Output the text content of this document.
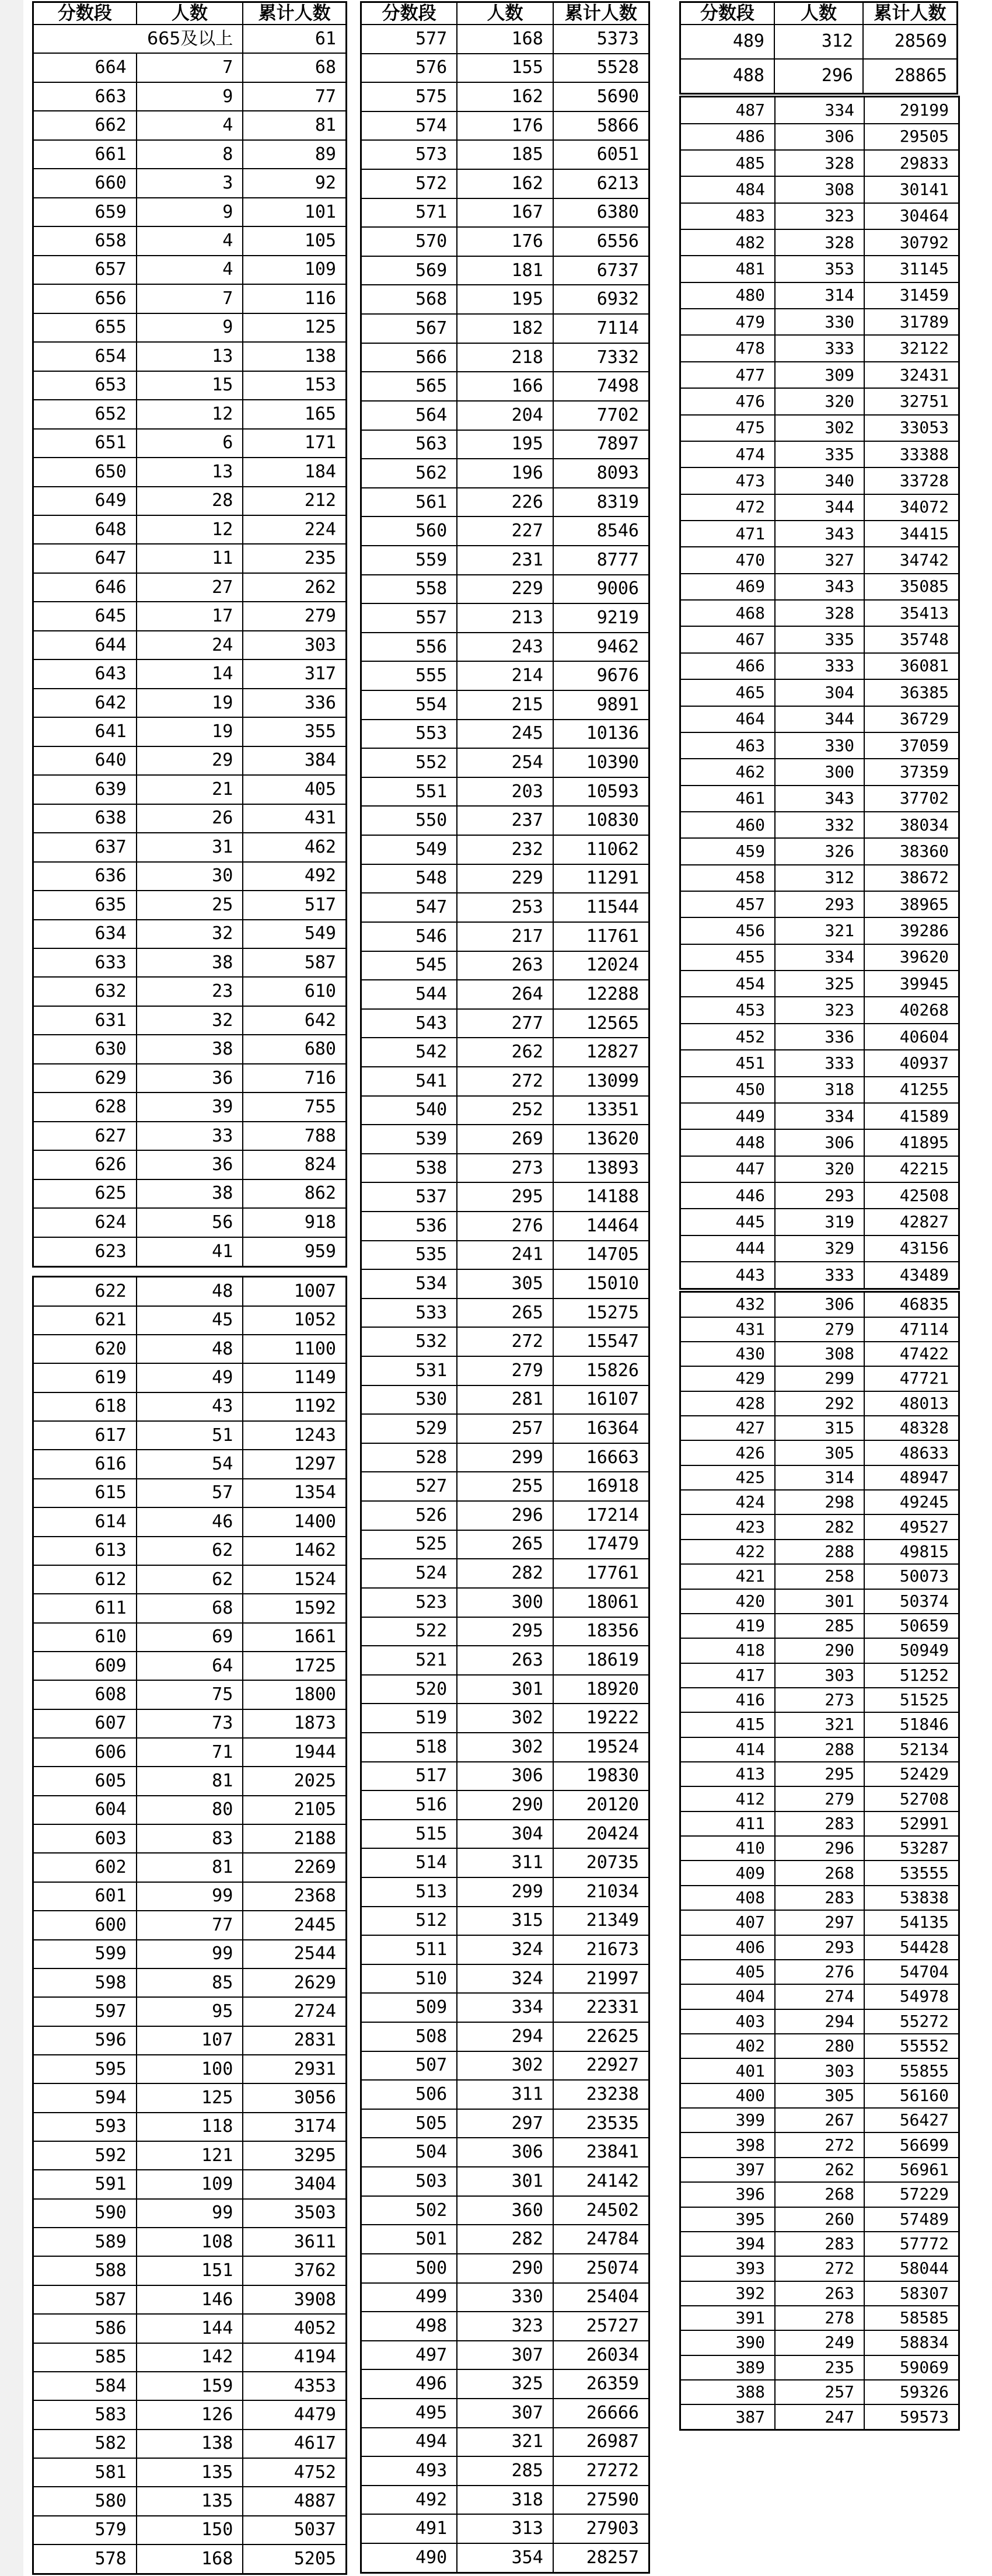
分数段	人数	累计人数
665及以上		61
664	7	68
663	9	77
662	4	81
661	8	89
660	3	92
659	9	101
658	4	105
657	4	109
656	7	116
655	9	125
654	13	138
653	15	153
652	12	165
651	6	171
650	13	184
649	28	212
648	12	224
647	11	235
646	27	262
645	17	279
644	24	303
643	14	317
642	19	336
641	19	355
640	29	384
639	21	405
638	26	431
637	31	462
636	30	492
635	25	517
634	32	549
633	38	587
632	23	610
631	32	642
630	38	680
629	36	716
628	39	755
627	33	788
626	36	824
625	38	862
624	56	918
623	41	959
622	48	1007
621	45	1052
620	48	1100
619	49	1149
618	43	1192
617	51	1243
616	54	1297
615	57	1354
614	46	1400
613	62	1462
612	62	1524
611	68	1592
610	69	1661
609	64	1725
608	75	1800
607	73	1873
606	71	1944
605	81	2025
604	80	2105
603	83	2188
602	81	2269
601	99	2368
600	77	2445
599	99	2544
598	85	2629
597	95	2724
596	107	2831
595	100	2931
594	125	3056
593	118	3174
592	121	3295
591	109	3404
590	99	3503
589	108	3611
588	151	3762
587	146	3908
586	144	4052
585	142	4194
584	159	4353
583	126	4479
582	138	4617
581	135	4752
580	135	4887
579	150	5037
578	168	5205
分数段	人数	累计人数
577	168	5373
576	155	5528
575	162	5690
574	176	5866
573	185	6051
572	162	6213
571	167	6380
570	176	6556
569	181	6737
568	195	6932
567	182	7114
566	218	7332
565	166	7498
564	204	7702
563	195	7897
562	196	8093
561	226	8319
560	227	8546
559	231	8777
558	229	9006
557	213	9219
556	243	9462
555	214	9676
554	215	9891
553	245	10136
552	254	10390
551	203	10593
550	237	10830
549	232	11062
548	229	11291
547	253	11544
546	217	11761
545	263	12024
544	264	12288
543	277	12565
542	262	12827
541	272	13099
540	252	13351
539	269	13620
538	273	13893
537	295	14188
536	276	14464
535	241	14705
534	305	15010
533	265	15275
532	272	15547
531	279	15826
530	281	16107
529	257	16364
528	299	16663
527	255	16918
526	296	17214
525	265	17479
524	282	17761
523	300	18061
522	295	18356
521	263	18619
520	301	18920
519	302	19222
518	302	19524
517	306	19830
516	290	20120
515	304	20424
514	311	20735
513	299	21034
512	315	21349
511	324	21673
510	324	21997
509	334	22331
508	294	22625
507	302	22927
506	311	23238
505	297	23535
504	306	23841
503	301	24142
502	360	24502
501	282	24784
500	290	25074
499	330	25404
498	323	25727
497	307	26034
496	325	26359
495	307	26666
494	321	26987
493	285	27272
492	318	27590
491	313	27903
490	354	28257
分数段	人数	累计人数
489	312	28569
488	296	28865
487	334	29199
486	306	29505
485	328	29833
484	308	30141
483	323	30464
482	328	30792
481	353	31145
480	314	31459
479	330	31789
478	333	32122
477	309	32431
476	320	32751
475	302	33053
474	335	33388
473	340	33728
472	344	34072
471	343	34415
470	327	34742
469	343	35085
468	328	35413
467	335	35748
466	333	36081
465	304	36385
464	344	36729
463	330	37059
462	300	37359
461	343	37702
460	332	38034
459	326	38360
458	312	38672
457	293	38965
456	321	39286
455	334	39620
454	325	39945
453	323	40268
452	336	40604
451	333	40937
450	318	41255
449	334	41589
448	306	41895
447	320	42215
446	293	42508
445	319	42827
444	329	43156
443	333	43489
432	306	46835
431	279	47114
430	308	47422
429	299	47721
428	292	48013
427	315	48328
426	305	48633
425	314	48947
424	298	49245
423	282	49527
422	288	49815
421	258	50073
420	301	50374
419	285	50659
418	290	50949
417	303	51252
416	273	51525
415	321	51846
414	288	52134
413	295	52429
412	279	52708
411	283	52991
410	296	53287
409	268	53555
408	283	53838
407	297	54135
406	293	54428
405	276	54704
404	274	54978
403	294	55272
402	280	55552
401	303	55855
400	305	56160
399	267	56427
398	272	56699
397	262	56961
396	268	57229
395	260	57489
394	283	57772
393	272	58044
392	263	58307
391	278	58585
390	249	58834
389	235	59069
388	257	59326
387	247	59573
